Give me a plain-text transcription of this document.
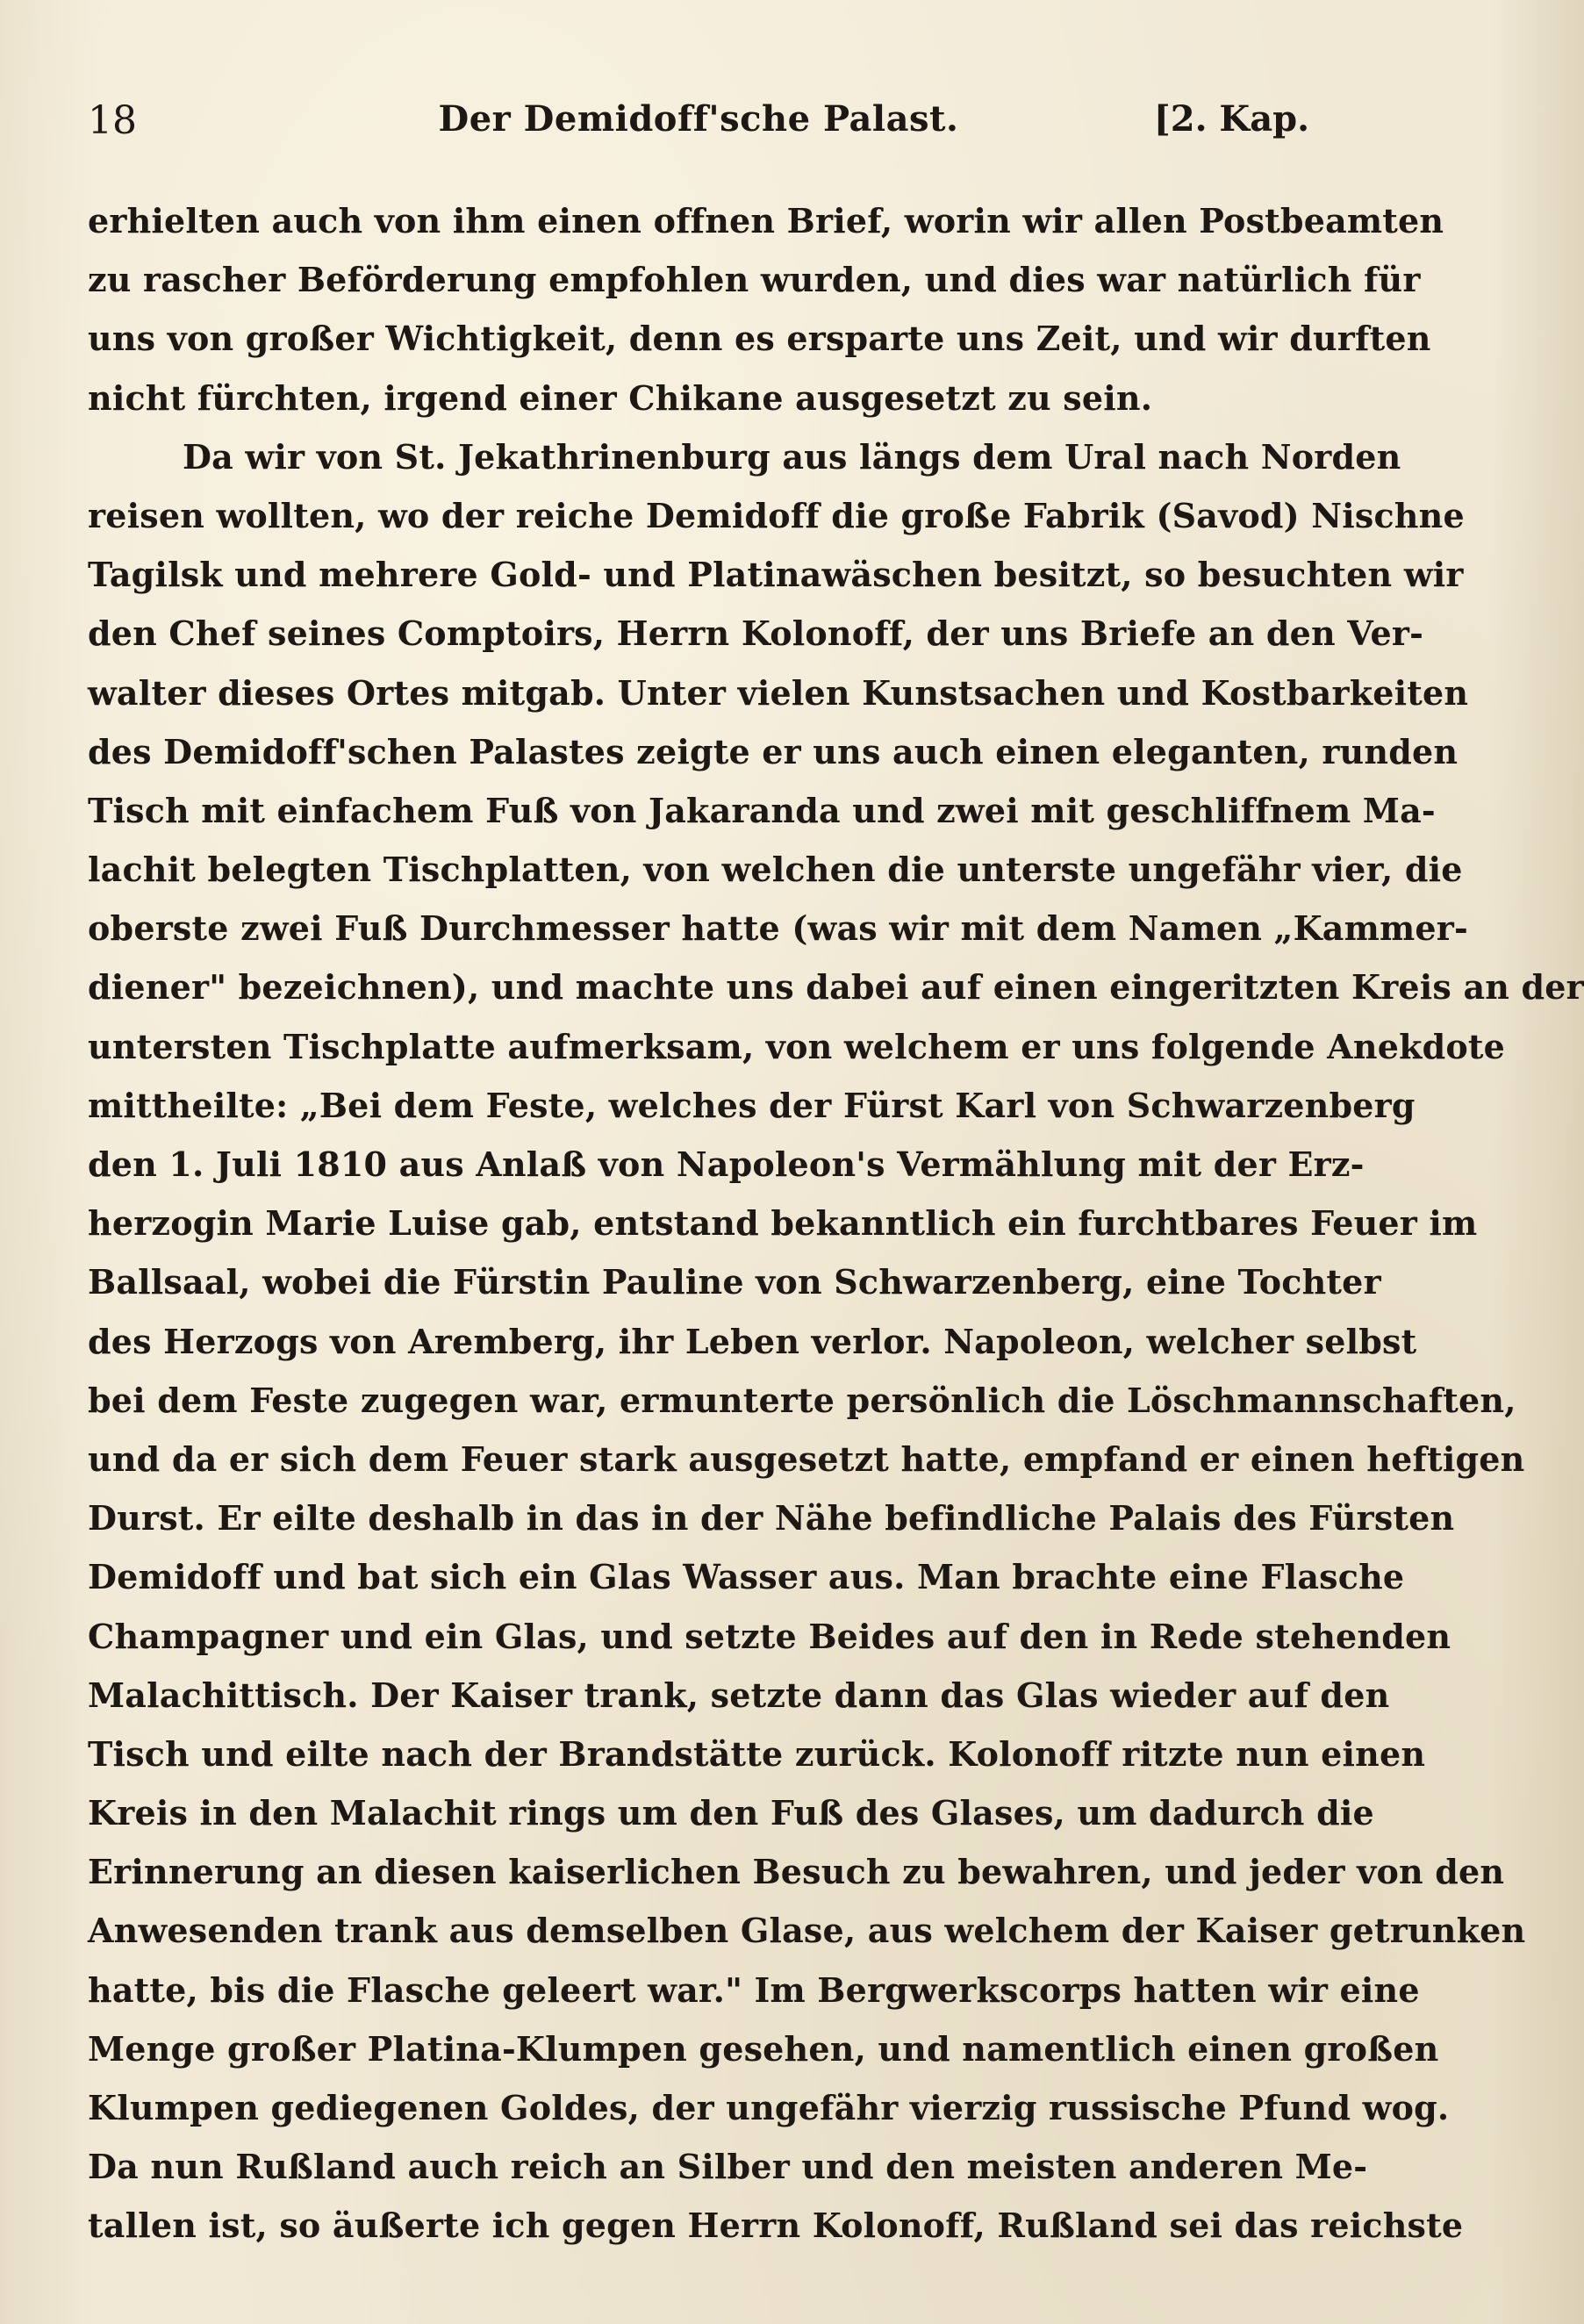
18	Der Demidoff'sche Palast.	[2. Kap.
erhielten auch von ihm einen offnen Brief, worin wir allen Postbeamten
zu rascher Beförderung empfohlen wurden, und dies war natürlich für
uns von großer Wichtigkeit, denn es ersparte uns Zeit, und wir durften
nicht fürchten, irgend einer Chikane ausgesetzt zu sein.
Da wir von St. Jekathrinenburg aus längs dem Ural nach Norden
reisen wollten, wo der reiche Demidoff die große Fabrik (Savod) Nischne
Tagilsk und mehrere Gold- und Platinawäschen besitzt, so besuchten wir
den Chef seines Comptoirs, Herrn Kolonoff, der uns Briefe an den Ver-
walter dieses Ortes mitgab. Unter vielen Kunstsachen und Kostbarkeiten
des Demidoff'schen Palastes zeigte er uns auch einen eleganten, runden
Tisch mit einfachem Fuß von Jakaranda und zwei mit geschliffnem Ma-
lachit belegten Tischplatten, von welchen die unterste ungefähr vier, die
oberste zwei Fuß Durchmesser hatte (was wir mit dem Namen „Kammer-
diener" bezeichnen), und machte uns dabei auf einen eingeritzten Kreis an der
untersten Tischplatte aufmerksam, von welchem er uns folgende Anekdote
mittheilte: „Bei dem Feste, welches der Fürst Karl von Schwarzenberg
den 1. Juli 1810 aus Anlaß von Napoleon's Vermählung mit der Erz-
herzogin Marie Luise gab, entstand bekanntlich ein furchtbares Feuer im
Ballsaal, wobei die Fürstin Pauline von Schwarzenberg, eine Tochter
des Herzogs von Aremberg, ihr Leben verlor. Napoleon, welcher selbst
bei dem Feste zugegen war, ermunterte persönlich die Löschmannschaften,
und da er sich dem Feuer stark ausgesetzt hatte, empfand er einen heftigen
Durst. Er eilte deshalb in das in der Nähe befindliche Palais des Fürsten
Demidoff und bat sich ein Glas Wasser aus. Man brachte eine Flasche
Champagner und ein Glas, und setzte Beides auf den in Rede stehenden
Malachittisch. Der Kaiser trank, setzte dann das Glas wieder auf den
Tisch und eilte nach der Brandstätte zurück. Kolonoff ritzte nun einen
Kreis in den Malachit rings um den Fuß des Glases, um dadurch die
Erinnerung an diesen kaiserlichen Besuch zu bewahren, und jeder von den
Anwesenden trank aus demselben Glase, aus welchem der Kaiser getrunken
hatte, bis die Flasche geleert war." Im Bergwerkscorps hatten wir eine
Menge großer Platina-Klumpen gesehen, und namentlich einen großen
Klumpen gediegenen Goldes, der ungefähr vierzig russische Pfund wog.
Da nun Rußland auch reich an Silber und den meisten anderen Me-
tallen ist, so äußerte ich gegen Herrn Kolonoff, Rußland sei das reichste
